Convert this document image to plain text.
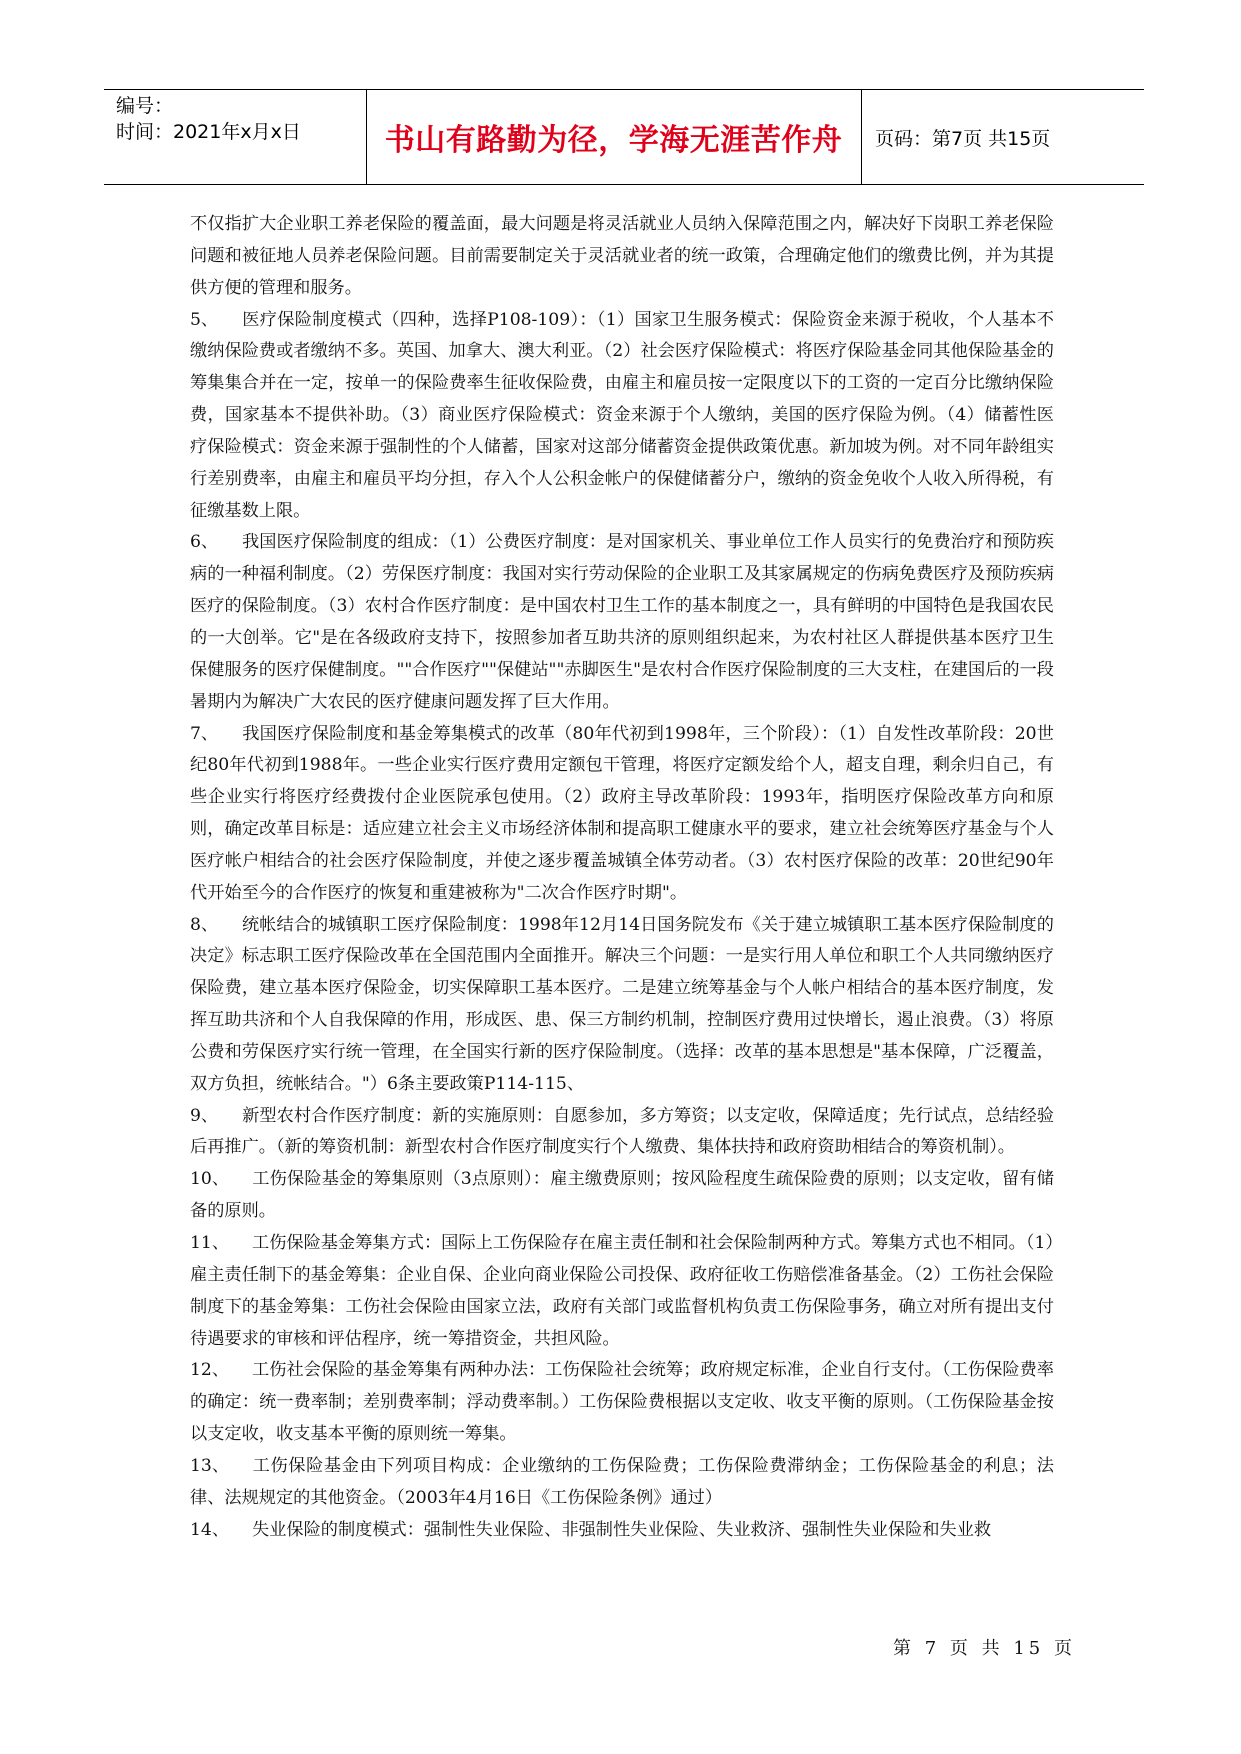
编号：
时间：2021年x月x日	书山有路勤为径，学海无涯苦作舟	页码：第7页 共15页

不仅指扩大企业职工养老保险的覆盖面，最大问题是将灵活就业人员纳入保障范围之内，解决好下岗职工养老保险问题和被征地人员养老保险问题。目前需要制定关于灵活就业者的统一政策，合理确定他们的缴费比例，并为其提供方便的管理和服务。

5、 医疗保险制度模式（四种，选择P108-109）：（1）国家卫生服务模式：保险资金来源于税收，个人基本不缴纳保险费或者缴纳不多。英国、加拿大、澳大利亚。（2）社会医疗保险模式：将医疗保险基金同其他保险基金的筹集集合并在一定，按单一的保险费率生征收保险费，由雇主和雇员按一定限度以下的工资的一定百分比缴纳保险费，国家基本不提供补助。（3）商业医疗保险模式：资金来源于个人缴纳，美国的医疗保险为例。（4）储蓄性医疗保险模式：资金来源于强制性的个人储蓄，国家对这部分储蓄资金提供政策优惠。新加坡为例。对不同年龄组实行差别费率，由雇主和雇员平均分担，存入个人公积金帐户的保健储蓄分户，缴纳的资金免收个人收入所得税，有征缴基数上限。

6、 我国医疗保险制度的组成：（1）公费医疗制度：是对国家机关、事业单位工作人员实行的免费治疗和预防疾病的一种福利制度。（2）劳保医疗制度：我国对实行劳动保险的企业职工及其家属规定的伤病免费医疗及预防疾病医疗的保险制度。（3）农村合作医疗制度：是中国农村卫生工作的基本制度之一，具有鲜明的中国特色是我国农民的一大创举。它"是在各级政府支持下，按照参加者互助共济的原则组织起来，为农村社区人群提供基本医疗卫生保健服务的医疗保健制度。""合作医疗""保健站""赤脚医生"是农村合作医疗保险制度的三大支柱，在建国后的一段暑期内为解决广大农民的医疗健康问题发挥了巨大作用。

7、 我国医疗保险制度和基金筹集模式的改革（80年代初到1998年，三个阶段）：（1）自发性改革阶段：20世纪80年代初到1988年。一些企业实行医疗费用定额包干管理，将医疗定额发给个人，超支自理，剩余归自己，有些企业实行将医疗经费拨付企业医院承包使用。（2）政府主导改革阶段：1993年，指明医疗保险改革方向和原则，确定改革目标是：适应建立社会主义市场经济体制和提高职工健康水平的要求，建立社会统筹医疗基金与个人医疗帐户相结合的社会医疗保险制度，并使之逐步覆盖城镇全体劳动者。（3）农村医疗保险的改革：20世纪90年代开始至今的合作医疗的恢复和重建被称为"二次合作医疗时期"。

8、 统帐结合的城镇职工医疗保险制度：1998年12月14日国务院发布《关于建立城镇职工基本医疗保险制度的决定》标志职工医疗保险改革在全国范围内全面推开。解决三个问题：一是实行用人单位和职工个人共同缴纳医疗保险费，建立基本医疗保险金，切实保障职工基本医疗。二是建立统筹基金与个人帐户相结合的基本医疗制度，发挥互助共济和个人自我保障的作用，形成医、患、保三方制约机制，控制医疗费用过快增长，遏止浪费。（3）将原公费和劳保医疗实行统一管理，在全国实行新的医疗保险制度。（选择：改革的基本思想是"基本保障，广泛覆盖，双方负担，统帐结合。"）6条主要政策P114-115、

9、 新型农村合作医疗制度：新的实施原则：自愿参加，多方筹资；以支定收，保障适度；先行试点，总结经验后再推广。（新的筹资机制：新型农村合作医疗制度实行个人缴费、集体扶持和政府资助相结合的筹资机制）。

10、 工伤保险基金的筹集原则（3点原则）：雇主缴费原则；按风险程度生疏保险费的原则；以支定收，留有储备的原则。

11、 工伤保险基金筹集方式：国际上工伤保险存在雇主责任制和社会保险制两种方式。筹集方式也不相同。（1）雇主责任制下的基金筹集：企业自保、企业向商业保险公司投保、政府征收工伤赔偿准备基金。（2）工伤社会保险制度下的基金筹集：工伤社会保险由国家立法，政府有关部门或监督机构负责工伤保险事务，确立对所有提出支付待遇要求的审核和评估程序，统一筹措资金，共担风险。

12、 工伤社会保险的基金筹集有两种办法：工伤保险社会统筹；政府规定标准，企业自行支付。（工伤保险费率的确定：统一费率制；差别费率制；浮动费率制。）工伤保险费根据以支定收、收支平衡的原则。（工伤保险基金按以支定收，收支基本平衡的原则统一筹集。

13、 工伤保险基金由下列项目构成：企业缴纳的工伤保险费；工伤保险费滞纳金；工伤保险基金的利息；法律、法规规定的其他资金。（2003年4月16日《工伤保险条例》通过）

14、 失业保险的制度模式：强制性失业保险、非强制性失业保险、失业救济、强制性失业保险和失业救

第 7 页 共 15 页
